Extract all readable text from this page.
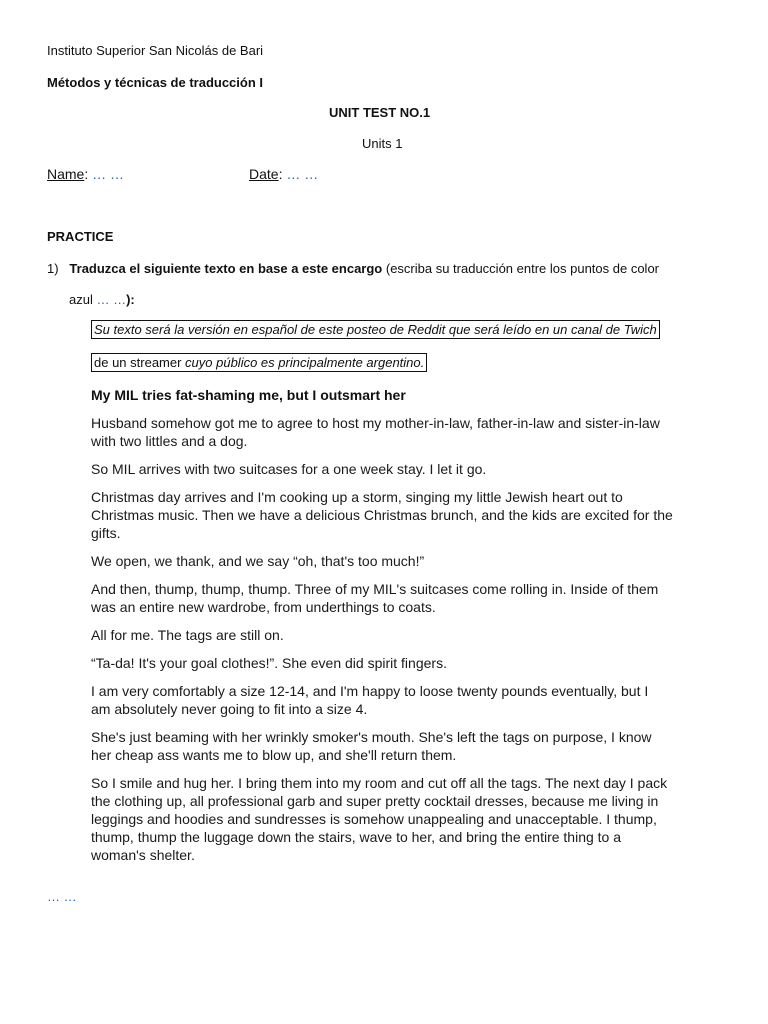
Instituto Superior San Nicolás de Bari
Métodos y técnicas de traducción I
UNIT TEST NO.1
Units 1
Name: … …	Date: … …
PRACTICE
1) Traduzca el siguiente texto en base a este encargo (escriba su traducción entre los puntos de color
azul … …):
Su texto será la versión en español de este posteo de Reddit que será leído en un canal de Twich
de un streamer cuyo público es principalmente argentino.
My MIL tries fat-shaming me, but I outsmart her

Husband somehow got me to agree to host my mother-in-law, father-in-law and sister-in-law with two littles and a dog.

So MIL arrives with two suitcases for a one week stay. I let it go.

Christmas day arrives and I'm cooking up a storm, singing my little Jewish heart out to Christmas music. Then we have a delicious Christmas brunch, and the kids are excited for the gifts.

We open, we thank, and we say “oh, that's too much!”

And then, thump, thump, thump. Three of my MIL's suitcases come rolling in. Inside of them was an entire new wardrobe, from underthings to coats.

All for me. The tags are still on.

“Ta-da! It's your goal clothes!”. She even did spirit fingers.

I am very comfortably a size 12-14, and I'm happy to loose twenty pounds eventually, but I am absolutely never going to fit into a size 4.

She's just beaming with her wrinkly smoker's mouth. She's left the tags on purpose, I know her cheap ass wants me to blow up, and she'll return them.

So I smile and hug her. I bring them into my room and cut off all the tags. The next day I pack the clothing up, all professional garb and super pretty cocktail dresses, because me living in leggings and hoodies and sundresses is somehow unappealing and unacceptable. I thump, thump, thump the luggage down the stairs, wave to her, and bring the entire thing to a woman's shelter.

… …
